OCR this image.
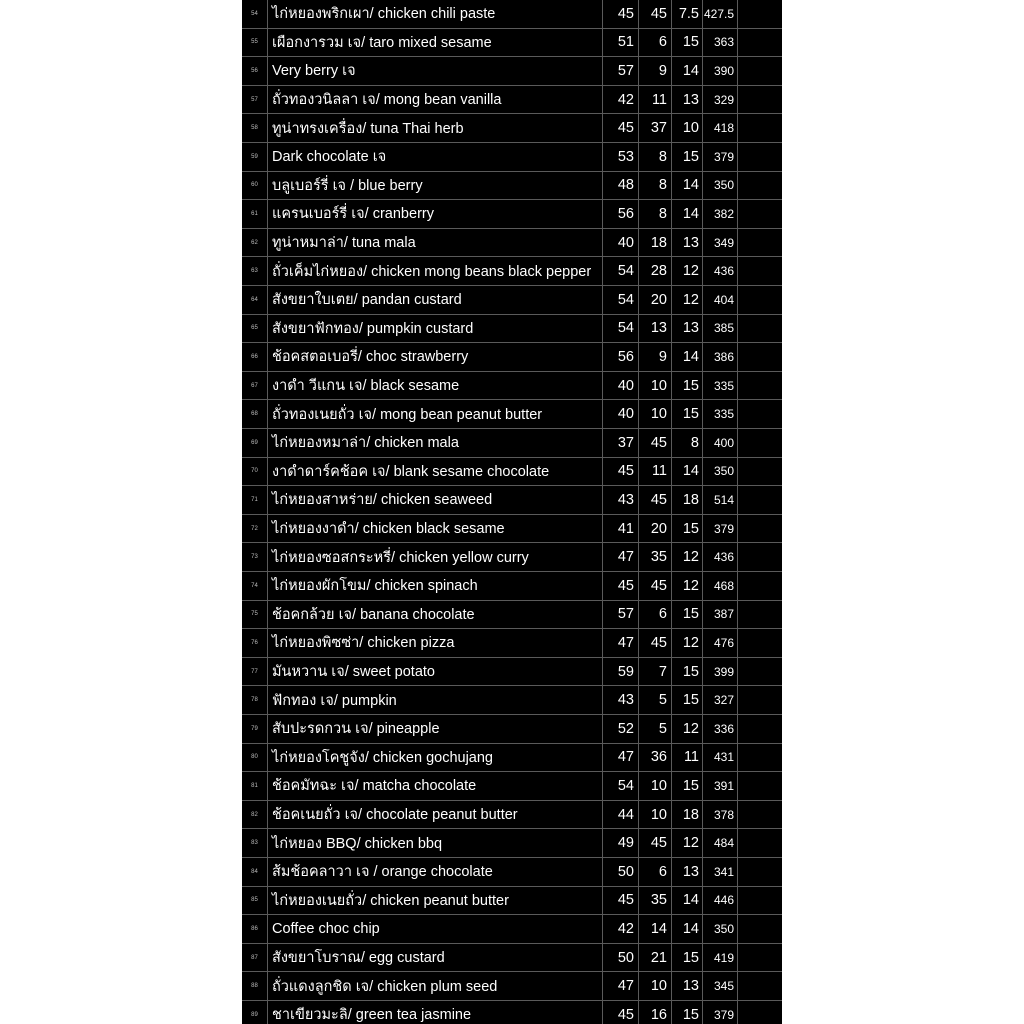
54 ไก่หยองพริกเผา/ chicken chili paste	45	45 7.5 427.5
55 เผือกงารวม เจ/ taro mixed sesame	51	6	15	363
56 Very berry เจ	57	9	14	390
57 ถั่วทองวนิลลา เจ/ mong bean vanilla	42	11	13	329
58 ทูน่าทรงเครื่อง/ tuna Thai herb	45	37	10	418
59 Dark chocolate เจ	53	8	15	379
60 บลูเบอร์รี่ เจ / blue berry	48	8	14	350
61 แครนเบอร์รี่ เจ/ cranberry	56	8	14	382
62 ทูน่าหมาล่า/ tuna mala	40	18	13	349
63 ถั่วเค็มไก่หยอง/ chicken mong beans black pepper	54	28	12	436
64 สังขยาใบเตย/ pandan custard	54	20	12	404
65 สังขยาฟักทอง/ pumpkin custard	54	13	13	385
66 ช้อคสตอเบอรี่/ choc strawberry	56	9	14	386
67 งาดำ วีแกน เจ/ black sesame	40	10	15	335
68 ถั่วทองเนยถั่ว เจ/ mong bean peanut butter	40	10	15	335
69 ไก่หยองหมาล่า/ chicken mala	37	45	8	400
70 งาดำดาร์คช้อค เจ/ blank sesame chocolate	45	11	14	350
71 ไก่หยองสาหร่าย/ chicken seaweed	43	45	18	514
72 ไก่หยองงาดำ/ chicken black sesame	41	20	15	379
73 ไก่หยองซอสกระหรี่/ chicken yellow curry	47	35	12	436
74 ไก่หยองผักโขม/ chicken spinach	45	45	12	468
75 ช้อคกล้วย เจ/ banana chocolate	57	6	15	387
76 ไก่หยองพิซซ่า/ chicken pizza	47	45	12	476
77 มันหวาน เจ/ sweet potato	59	7	15	399
78 ฟักทอง เจ/ pumpkin	43	5	15	327
79 สับปะรดกวน เจ/ pineapple	52	5	12	336
80 ไก่หยองโคชูจัง/ chicken gochujang	47	36	11	431
81 ช้อคมัทฉะ เจ/ matcha chocolate	54	10	15	391
82 ช้อคเนยถั่ว เจ/ chocolate peanut butter	44	10	18	378
83 ไก่หยอง BBQ/ chicken bbq	49	45	12	484
84 ส้มช้อคลาวา เจ / orange chocolate	50	6	13	341
85 ไก่หยองเนยถั่ว/ chicken peanut butter	45	35	14	446
86 Coffee choc chip	42	14	14	350
87 สังขยาโบราณ/ egg custard	50	21	15	419
88 ถั่วแดงลูกชิด เจ/ chicken plum seed	47	10	13	345
89 ชาเขียวมะลิ/ green tea jasmine	45	16	15	379
